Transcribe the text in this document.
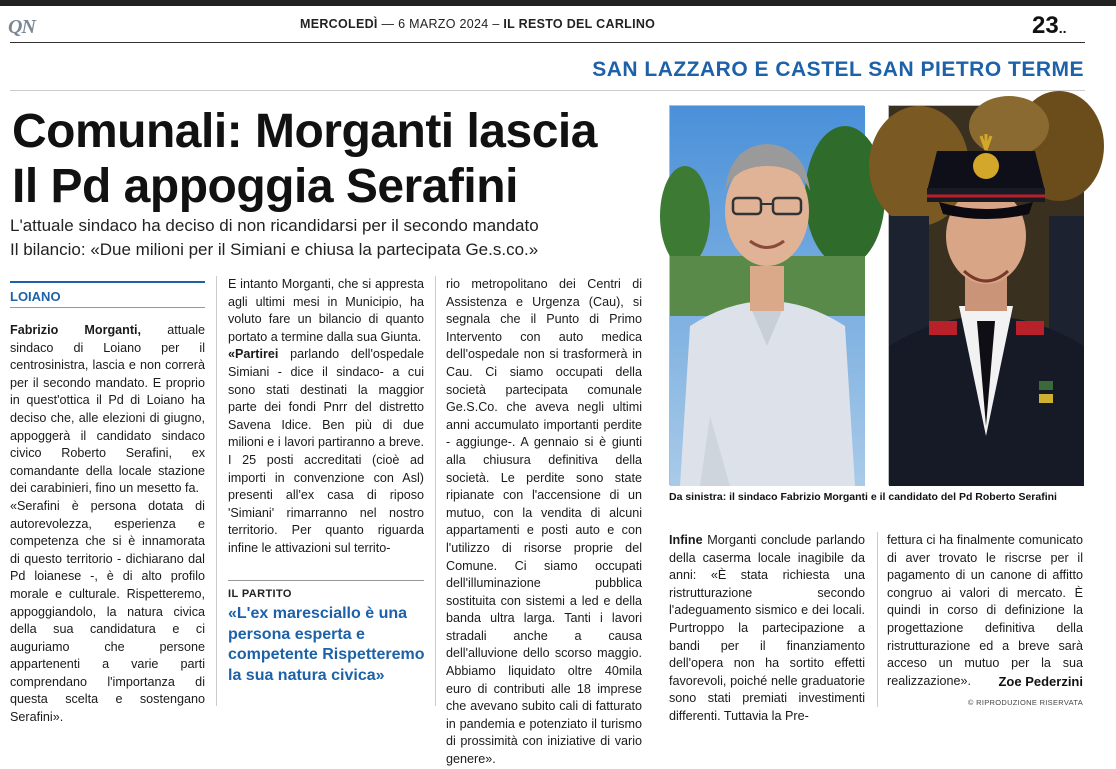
QN	MERCOLEDÌ — 6 MARZO 2024 – IL RESTO DEL CARLINO	23..
SAN LAZZARO E CASTEL SAN PIETRO TERME
Comunali: Morganti lascia
Il Pd appoggia Serafini
L'attuale sindaco ha deciso di non ricandidarsi per il secondo mandato
Il bilancio: «Due milioni per il Simiani e chiusa la partecipata Ge.s.co.»
LOIANO

Fabrizio Morganti, attuale sindaco di Loiano per il centrosinistra, lascia e non correrà per il secondo mandato. E proprio in quest'ottica il Pd di Loiano ha deciso che, alle elezioni di giugno, appoggerà il candidato sindaco civico Roberto Serafini, ex comandante della locale stazione dei carabinieri, fino un mesetto fa.

«Serafini è persona dotata di autorevolezza, esperienza e competenza che si è innamorata di questo territorio - dichiarano dal Pd loianese -, è di alto profilo morale e culturale. Rispetteremo, appoggiandolo, la natura civica della sua candidatura e ci auguriamo che persone appartenenti a varie parti comprendano l'importanza di questa scelta e sostengano Serafini».

E intanto Morganti, che si appresta agli ultimi mesi in Municipio, ha voluto fare un bilancio di quanto portato a termine dalla sua Giunta.

«Partirei parlando dell'ospedale Simiani - dice il sindaco- a cui sono stati destinati la maggior parte dei fondi Pnrr del distretto Savena Idice. Ben più di due milioni e i lavori partiranno a breve. I 25 posti accreditati (cioè ad importi in convenzione con Asl) presenti all'ex casa di riposo 'Simiani' rimarranno nel nostro territorio. Per quanto riguarda infine le attivazioni sul territo-

IL PARTITO
«L'ex maresciallo è una persona esperta e competente Rispetteremo la sua natura civica»

rio metropolitano dei Centri di Assistenza e Urgenza (Cau), si segnala che il Punto di Primo Intervento con auto medica dell'ospedale non si trasformerà in Cau. Ci siamo occupati della società partecipata comunale Ge.S.Co. che aveva negli ultimi anni accumulato importanti perdite - aggiunge-. A gennaio si è giunti alla chiusura definitiva della società. Le perdite sono state ripianate con l'accensione di un mutuo, con la vendita di alcuni appartamenti e posti auto e con l'utilizzo di risorse proprie del Comune. Ci siamo occupati dell'illuminazione pubblica sostituita con sistemi a led e della banda ultra larga. Tanti i lavori stradali anche a causa dell'alluvione dello scorso maggio. Abbiamo liquidato oltre 40mila euro di contributi alle 18 imprese che avevano subito cali di fatturato in pandemia e potenziato il turismo di prossimità con iniziative di vario genere».

Da sinistra: il sindaco Fabrizio Morganti e il candidato del Pd Roberto Serafini

Infine Morganti conclude parlando della caserma locale inagibile da anni: «È stata richiesta una ristrutturazione secondo l'adeguamento sismico e dei locali. Purtroppo la partecipazione a bandi per il finanziamento dell'opera non ha sortito effetti favorevoli, poiché nelle graduatorie sono stati premiati investimenti differenti. Tuttavia la Pre-

fettura ci ha finalmente comunicato di aver trovato le riscrse per il pagamento di un canone di affitto congruo ai valori di mercato. È quindi in corso di definizione la progettazione definitiva della ristrutturazione ed a breve sarà acceso un mutuo per la sua realizzazione».	Zoe Pederzini
© RIPRODUZIONE RISERVATA
